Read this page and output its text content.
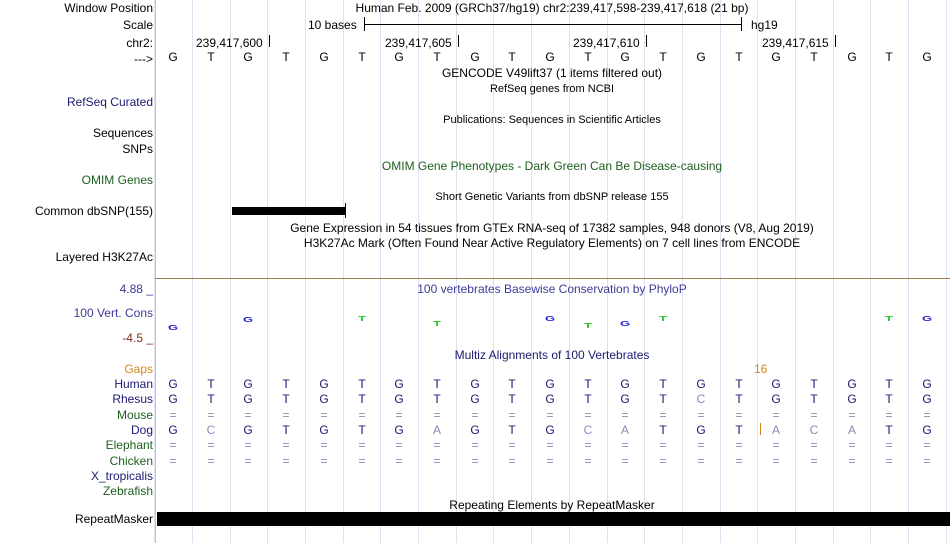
Window Position	Human Feb. 2009 (GRCh37/hg19) chr2:239,417,598-239,417,618 (21 bp)
Scale	10 bases	hg19
chr2:	239,417,600	239,417,605	239,417,610	239,417,615
---> G T G T G T G T G T G T G T G T G T G T G
GENCODE V49lift37 (1 items filtered out)
RefSeq genes from NCBI
RefSeq Curated
Publications: Sequences in Scientific Articles
Sequences
SNPs
OMIM Gene Phenotypes - Dark Green Can Be Disease-causing
OMIM Genes
Short Genetic Variants from dbSNP release 155
Common dbSNP(155)
Gene Expression in 54 tissues from GTEx RNA-seq of 17382 samples, 948 donors (V8, Aug 2019)
H3K27Ac Mark (Often Found Near Active Regulatory Elements) on 7 cell lines from ENCODE
Layered H3K27Ac
100 vertebrates Basewise Conservation by PhyloP
4.88 _
100 Vert. Cons
-4.5 _
G
G	T
T
G
T G
T	T G
Multiz Alignments of 100 Vertebrates
Gaps	16
Human G T G T G T G T G T G T G T G T G T G T G
Rhesus G T G T G T G T G T G T G T C	T G T G T G
Mouse =	= =	=	=	= =	=	= =	=	= =	=	=	= =	=	= =	=
Dog G C G T G T G A G T G C A	T G T A C A T G
Elephant =	= =	=	=	= =	=	= =	=	= =	=	=	= =	=	= =	=
Chicken =	= =	=	=	= =	=	= =	=	= =	=	=	= =	=	= =	=
X_tropicalis
Zebrafish
Repeating Elements by RepeatMasker
RepeatMasker
